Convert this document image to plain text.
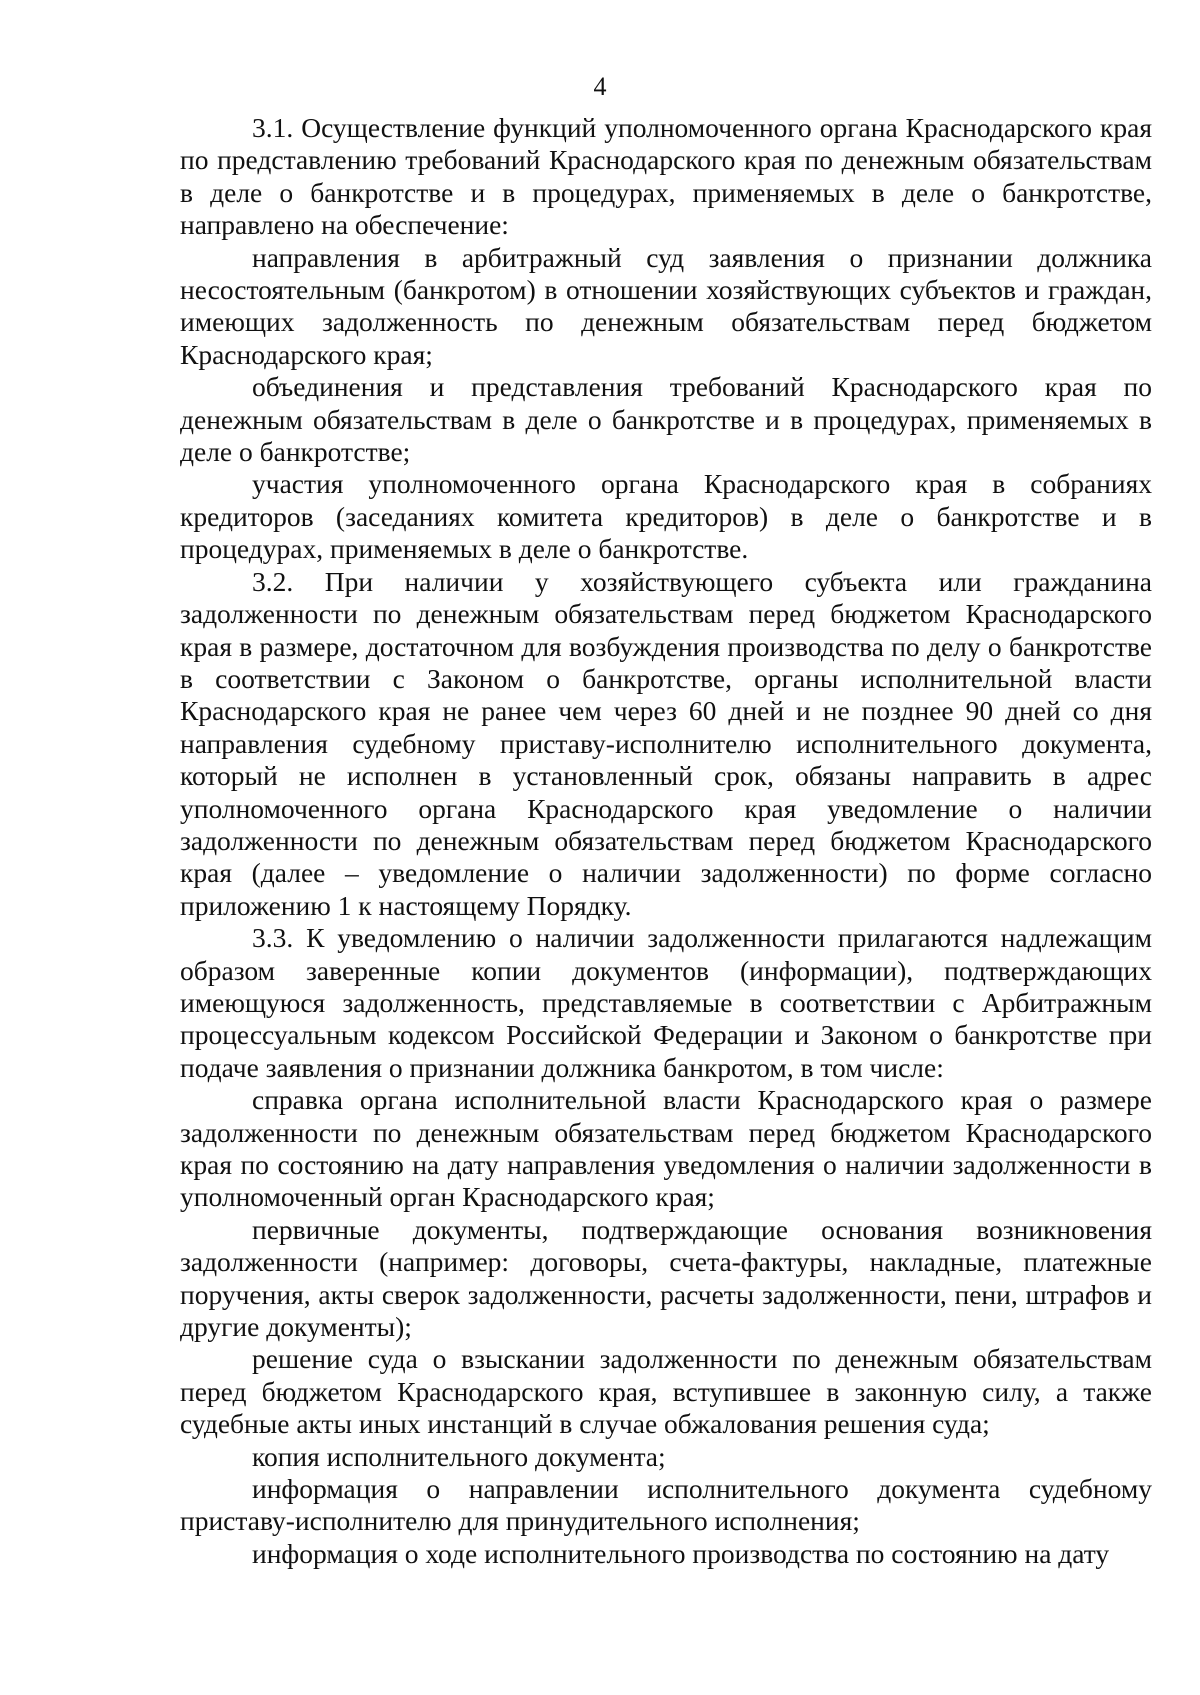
4

3.1. Осуществление функций уполномоченного органа Краснодарского края по представлению требований Краснодарского края по денежным обязательствам в деле о банкротстве и в процедурах, применяемых в деле о банкротстве, направлено на обеспечение:

направления в арбитражный суд заявления о признании должника несостоятельным (банкротом) в отношении хозяйствующих субъектов и граждан, имеющих задолженность по денежным обязательствам перед бюджетом Краснодарского края;

объединения и представления требований Краснодарского края по денежным обязательствам в деле о банкротстве и в процедурах, применяемых в деле о банкротстве;

участия уполномоченного органа Краснодарского края в собраниях кредиторов (заседаниях комитета кредиторов) в деле о банкротстве и в процедурах, применяемых в деле о банкротстве.

3.2. При наличии у хозяйствующего субъекта или гражданина задолженности по денежным обязательствам перед бюджетом Краснодарского края в размере, достаточном для возбуждения производства по делу о банкротстве в соответствии с Законом о банкротстве, органы исполнительной власти Краснодарского края не ранее чем через 60 дней и не позднее 90 дней со дня направления судебному приставу-исполнителю исполнительного документа, который не исполнен в установленный срок, обязаны направить в адрес уполномоченного органа Краснодарского края уведомление о наличии задолженности по денежным обязательствам перед бюджетом Краснодарского края (далее – уведомление о наличии задолженности) по форме согласно приложению 1 к настоящему Порядку.

3.3. К уведомлению о наличии задолженности прилагаются надлежащим образом заверенные копии документов (информации), подтверждающих имеющуюся задолженность, представляемые в соответствии с Арбитражным процессуальным кодексом Российской Федерации и Законом о банкротстве при подаче заявления о признании должника банкротом, в том числе:

справка органа исполнительной власти Краснодарского края о размере задолженности по денежным обязательствам перед бюджетом Краснодарского края по состоянию на дату направления уведомления о наличии задолженности в уполномоченный орган Краснодарского края;

первичные документы, подтверждающие основания возникновения задолженности (например: договоры, счета-фактуры, накладные, платежные поручения, акты сверок задолженности, расчеты задолженности, пени, штрафов и другие документы);

решение суда о взыскании задолженности по денежным обязательствам перед бюджетом Краснодарского края, вступившее в законную силу, а также судебные акты иных инстанций в случае обжалования решения суда;

копия исполнительного документа;

информация о направлении исполнительного документа судебному приставу-исполнителю для принудительного исполнения;

информация о ходе исполнительного производства по состоянию на дату
